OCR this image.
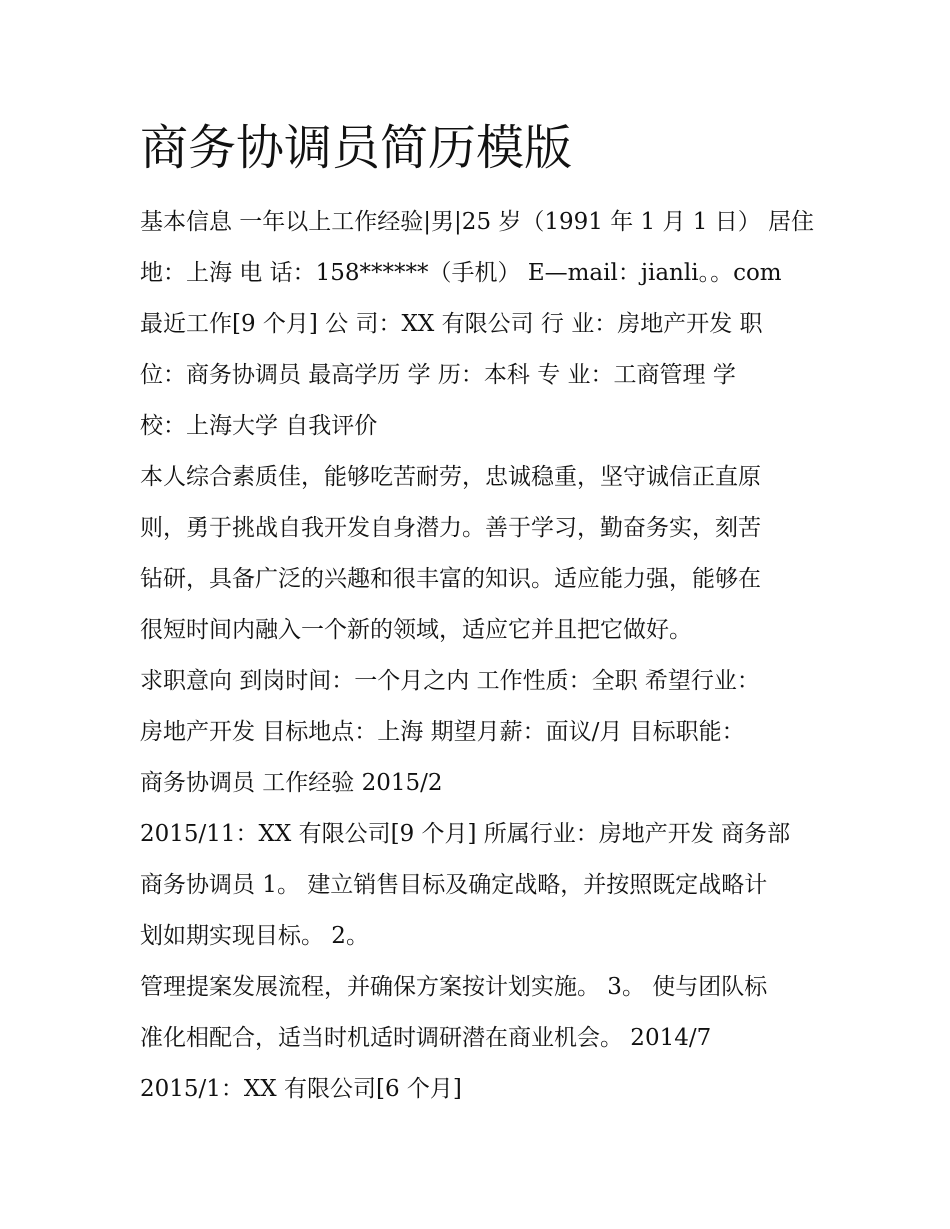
商务协调员简历模版
基本信息 一年以上工作经验|男|25 岁（1991 年 1 月 1 日） 居住
地：上海 电 话：158******（手机） E—mail：jianli。。com
最近工作[9 个月] 公 司：XX 有限公司 行 业：房地产开发 职
位：商务协调员 最高学历 学 历：本科 专 业：工商管理 学
校：上海大学 自我评价
本人综合素质佳，能够吃苦耐劳，忠诚稳重，坚守诚信正直原
则，勇于挑战自我开发自身潜力。善于学习，勤奋务实，刻苦
钻研，具备广泛的兴趣和很丰富的知识。适应能力强，能够在
很短时间内融入一个新的领域，适应它并且把它做好。
求职意向 到岗时间：一个月之内 工作性质：全职 希望行业：
房地产开发 目标地点：上海 期望月薪：面议/月 目标职能：
商务协调员 工作经验 2015/2
2015/11：XX 有限公司[9 个月] 所属行业：房地产开发 商务部
商务协调员 1。 建立销售目标及确定战略，并按照既定战略计
划如期实现目标。 2。
管理提案发展流程，并确保方案按计划实施。 3。 使与团队标
准化相配合，适当时机适时调研潜在商业机会。 2014/7
2015/1：XX 有限公司[6 个月]
